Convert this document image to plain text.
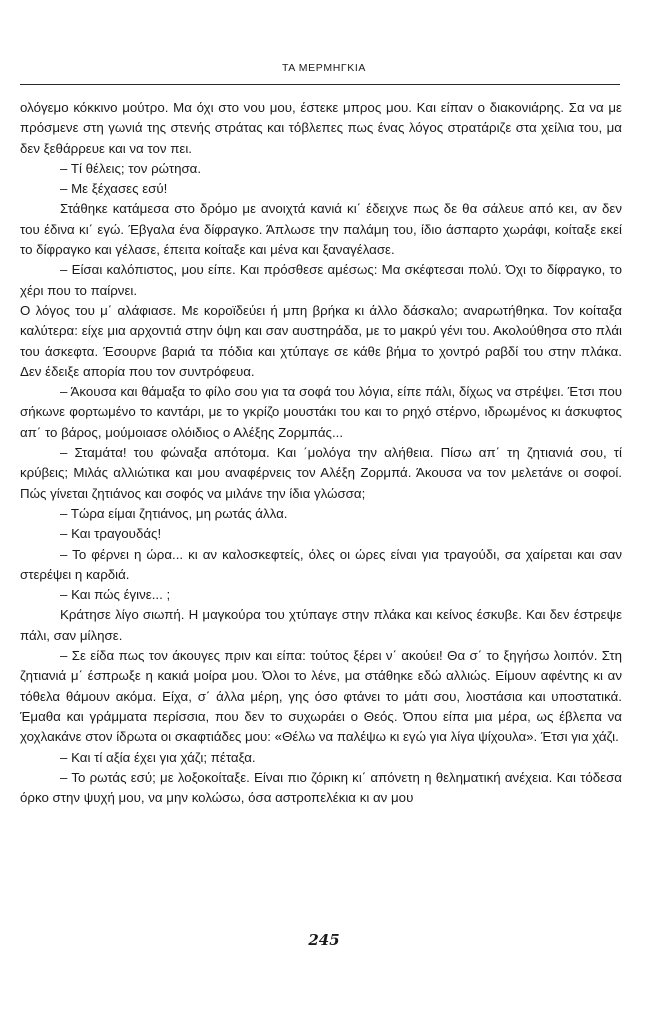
ΤΑ ΜΕΡΜΗΓΚΙΑ

ολόγεμο κόκκινο μούτρο. Μα όχι στο νου μου, έστεκε μπρος μου. Και είπαν ο διακονιάρης. Σα να με πρόσμενε στη γωνιά της στενής στράτας και τόβλεπες πως ένας λόγος στρατάριζε στα χείλια του, μα δεν ξεθάρρευε και να τον πει.

– Τί θέλεις; τον ρώτησα.

– Με ξέχασες εσύ!

Στάθηκε κατάμεσα στο δρόμο με ανοιχτά κανιά κι΄ έδειχνε πως δε θα σάλευε από κει, αν δεν του έδινα κι΄ εγώ. Έβγαλα ένα δίφραγκο. Άπλωσε την παλάμη του, ίδιο άσπαρτο χωράφι, κοίταξε εκεί το δίφραγκο και γέλασε, έπειτα κοίταξε και μένα και ξαναγέλασε.

– Είσαι καλόπιστος, μου είπε. Και πρόσθεσε αμέσως: Μα σκέφτεσαι πολύ. Όχι το δίφραγκο, το χέρι που το παίρνει.

Ο λόγος του μ΄ αλάφιασε. Με κοροϊδεύει ή μπη βρήκα κι άλλο δάσκαλο; αναρωτήθηκα. Τον κοίταξα καλύτερα: είχε μια αρχοντιά στην όψη και σαν αυστηράδα, με το μακρύ γένι του. Ακολούθησα στο πλάι του άσκεφτα. Έσουρνε βαριά τα πόδια και χτύπαγε σε κάθε βήμα το χοντρό ραβδί του στην πλάκα. Δεν έδειξε απορία που τον συντρόφευα.

– Άκουσα και θάμαξα το φίλο σου για τα σοφά του λόγια, είπε πάλι, δίχως να στρέψει. Έτσι που σήκωνε φορτωμένο το καντάρι, με το γκρίζο μουστάκι του και το ρηχό στέρνο, ιδρωμένος κι άσκυφτος απ΄ το βάρος, μούμοιασε ολόιδιος ο Αλέξης Ζορμπάς...

– Σταμάτα! του φώναξα απότομα. Και ΄μολόγα την αλήθεια. Πίσω απ΄ τη ζητιανιά σου, τί κρύβεις; Μιλάς αλλιώτικα και μου αναφέρνεις τον Αλέξη Ζορμπά. Άκουσα να τον μελετάνε οι σοφοί. Πώς γίνεται ζητιάνος και σοφός να μιλάνε την ίδια γλώσσα;

– Τώρα είμαι ζητιάνος, μη ρωτάς άλλα.

– Και τραγουδάς!

– Το φέρνει η ώρα... κι αν καλοσκεφτείς, όλες οι ώρες είναι για τραγούδι, σα χαίρεται και σαν στερέψει η καρδιά.

– Και πώς έγινε... ;

Κράτησε λίγο σιωπή. Η μαγκούρα του χτύπαγε στην πλάκα και κείνος έσκυβε. Και δεν έστρεψε πάλι, σαν μίλησε.

– Σε είδα πως τον άκουγες πριν και είπα: τούτος ξέρει ν΄ ακούει! Θα σ΄ το ξηγήσω λοιπόν. Στη ζητιανιά μ΄ έσπρωξε η κακιά μοίρα μου. Όλοι το λένε, μα στάθηκε εδώ αλλιώς. Είμουν αφέντης κι αν τόθελα θάμουν ακόμα. Είχα, σ΄ άλλα μέρη, γης όσο φτάνει το μάτι σου, λιοστάσια και υποστατικά. Έμαθα και γράμματα περίσσια, που δεν το συχωράει ο Θεός. Όπου είπα μια μέρα, ως έβλεπα να χοχλακάνε στον ίδρωτα οι σκαφτιάδες μου: «Θέλω να παλέψω κι εγώ για λίγα ψίχουλα». Έτσι για χάζι.

– Και τί αξία έχει για χάζι; πέταξα.

– Το ρωτάς εσύ; με λοξοκοίταξε. Είναι πιο ζόρικη κι΄ απόνετη η θεληματική ανέχεια. Και τόδεσα όρκο στην ψυχή μου, να μην κολώσω, όσα αστροπελέκια κι αν μου

245
